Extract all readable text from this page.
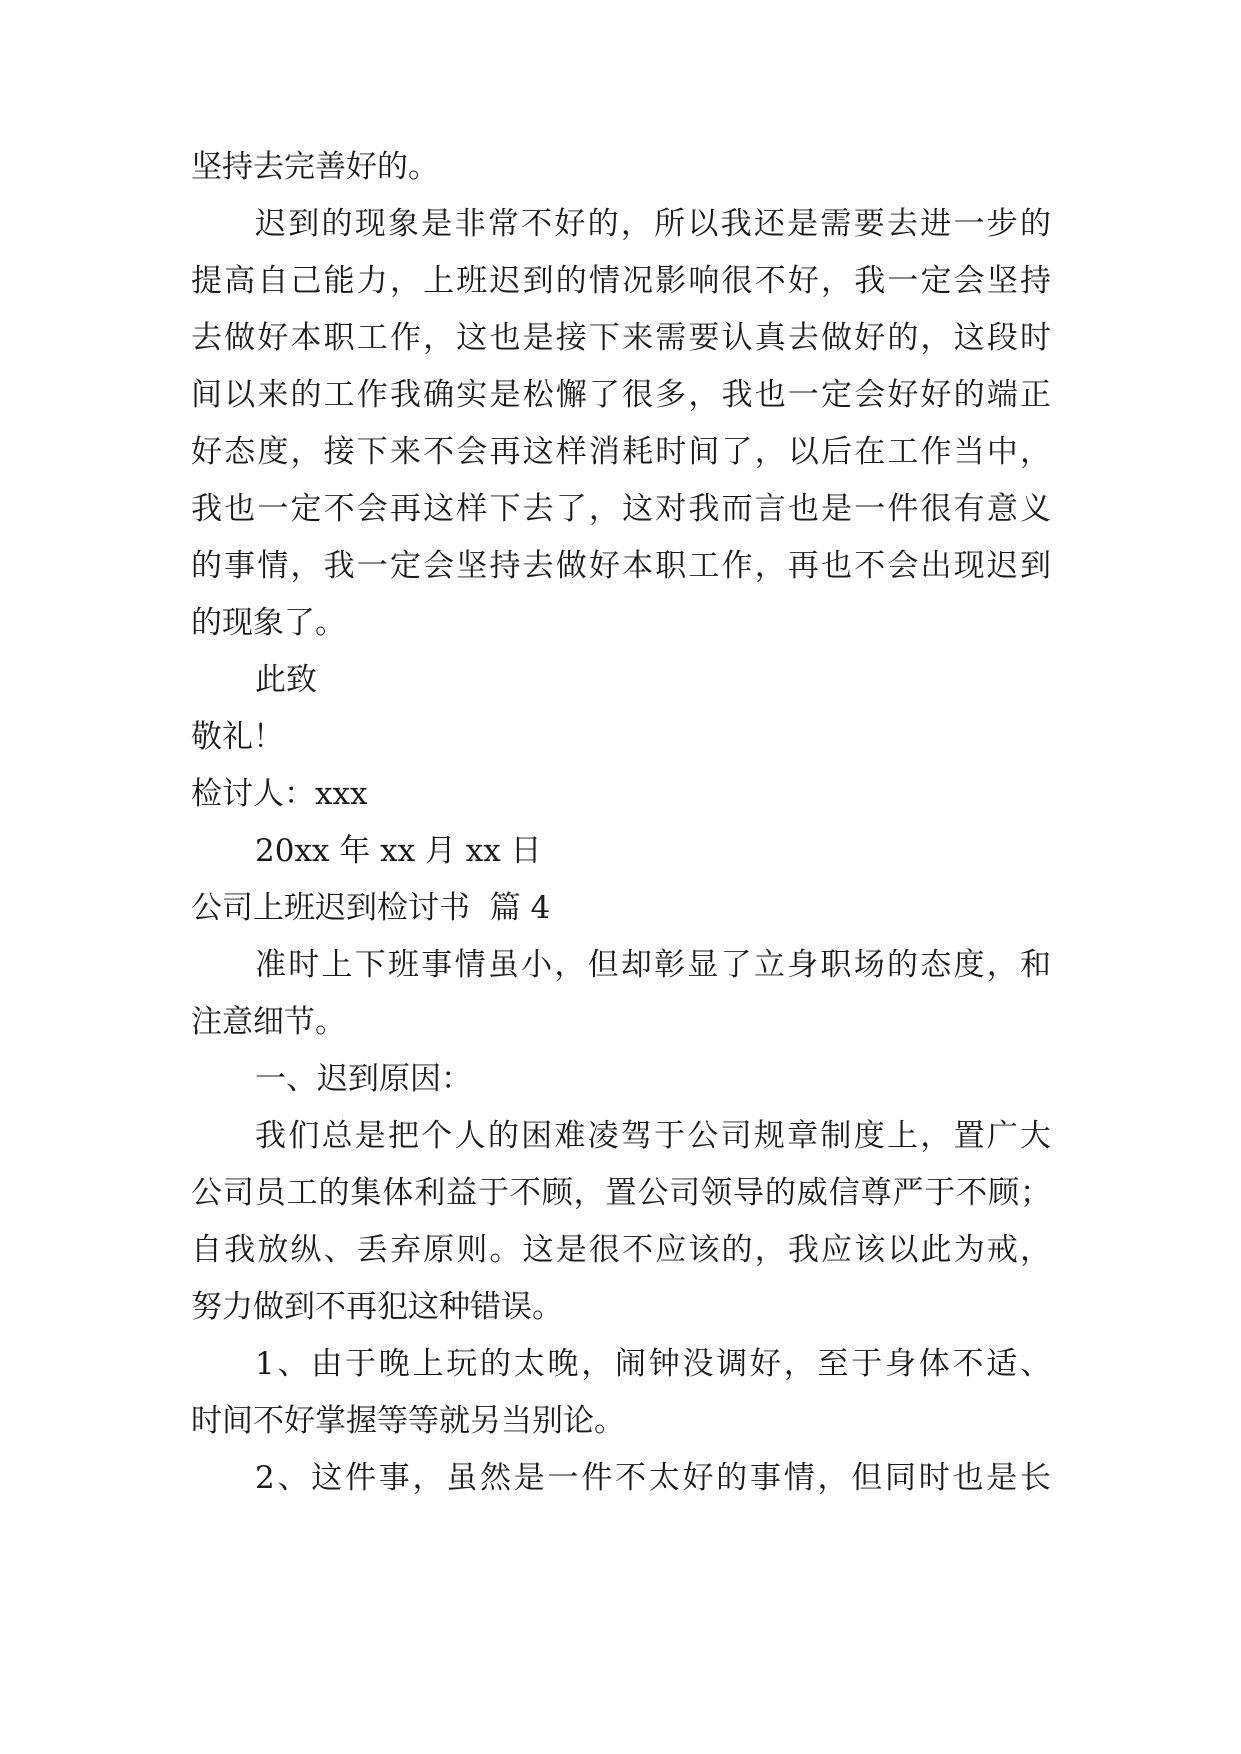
坚持去完善好的。
迟到的现象是非常不好的，所以我还是需要去进一步的
提高自己能力，上班迟到的情况影响很不好，我一定会坚持
去做好本职工作，这也是接下来需要认真去做好的，这段时
间以来的工作我确实是松懈了很多，我也一定会好好的端正
好态度，接下来不会再这样消耗时间了，以后在工作当中，
我也一定不会再这样下去了，这对我而言也是一件很有意义
的事情，我一定会坚持去做好本职工作，再也不会出现迟到
的现象了。
此致
敬礼！
检讨人：xxx
20xx 年 xx 月 xx 日
公司上班迟到检讨书  篇 4
准时上下班事情虽小，但却彰显了立身职场的态度，和
注意细节。
一、迟到原因：
我们总是把个人的困难凌驾于公司规章制度上，置广大
公司员工的集体利益于不顾，置公司领导的威信尊严于不顾；
自我放纵、丢弃原则。这是很不应该的，我应该以此为戒，
努力做到不再犯这种错误。
1、由于晚上玩的太晚，闹钟没调好，至于身体不适、
时间不好掌握等等就另当别论。
2、这件事，虽然是一件不太好的事情，但同时也是长
